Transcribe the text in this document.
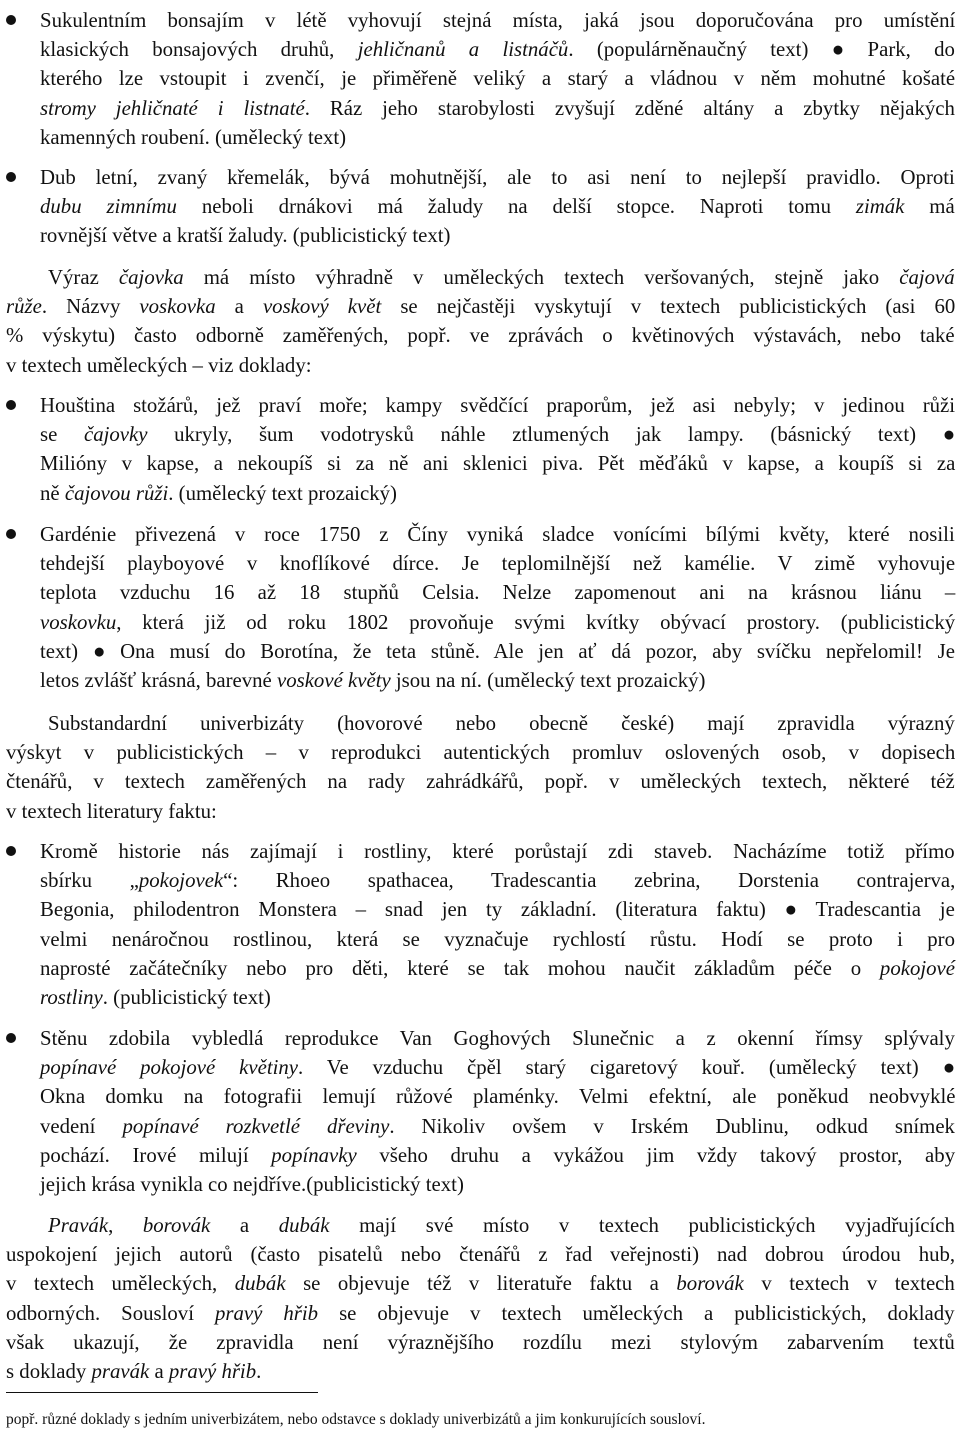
Sukulentním bonsajím v létě vyhovují stejná místa, jaká jsou doporučována pro umístění
klasických bonsajových druhů, jehličnanů a listnáčů. (populárněnaučný text) ● Park, do
kterého lze vstoupit i zvenčí, je přiměřeně veliký a starý a vládnou v něm mohutné košaté
stromy jehličnaté i listnaté. Ráz jeho starobylosti zvyšují zděné altány a zbytky nějakých
kamenných roubení. (umělecký text)
Dub letní, zvaný křemelák, bývá mohutnější, ale to asi není to nejlepší pravidlo. Oproti
dubu zimnímu neboli drnákovi má žaludy na delší stopce. Naproti tomu zimák má
rovnější větve a kratší žaludy. (publicistický text)
Výraz čajovka má místo výhradně v uměleckých textech veršovaných, stejně jako čajová
růže. Názvy voskovka a voskový květ se nejčastěji vyskytují v textech publicistických (asi 60
% výskytu) často odborně zaměřených, popř. ve zprávách o květinových výstavách, nebo také
v textech uměleckých – viz doklady:
Houština stožárů, jež praví moře; kampy svědčící praporům, jež asi nebyly; v jedinou růži
se čajovky ukryly, šum vodotrysků náhle ztlumených jak lampy. (básnický text) ●
Milióny v kapse, a nekoupíš si za ně ani sklenici piva. Pět měďáků v kapse, a koupíš si za
ně čajovou růži. (umělecký text prozaický)
Gardénie přivezená v roce 1750 z Číny vyniká sladce vonícími bílými květy, které nosili
tehdejší playboyové v knoflíkové dírce. Je teplomilnější než kamélie. V zimě vyhovuje
teplota vzduchu 16 až 18 stupňů Celsia. Nelze zapomenout ani na krásnou liánu –
voskovku, která již od roku 1802 provoňuje svými kvítky obývací prostory. (publicistický
text) ● Ona musí do Borotína, že teta stůně. Ale jen ať dá pozor, aby svíčku nepřelomil! Je
letos zvlášť krásná, barevné voskové květy jsou na ní. (umělecký text prozaický)
Substandardní univerbizáty (hovorové nebo obecně české) mají zpravidla výrazný
výskyt v publicistických – v reprodukci autentických promluv oslovených osob, v dopisech
čtenářů, v textech zaměřených na rady zahrádkářů, popř. v uměleckých textech, některé též
v textech literatury faktu:
Kromě historie nás zajímají i rostliny, které porůstají zdi staveb. Nacházíme totiž přímo
sbírku „pokojovek“: Rhoeo spathacea, Tradescantia zebrina, Dorstenia contrajerva,
Begonia, philodentron Monstera – snad jen ty základní. (literatura faktu) ● Tradescantia je
velmi nenáročnou rostlinou, která se vyznačuje rychlostí růstu. Hodí se proto i pro
naprosté začátečníky nebo pro děti, které se tak mohou naučit základům péče o pokojové
rostliny. (publicistický text)
Stěnu zdobila vybledlá reprodukce Van Goghových Slunečnic a z okenní římsy splývaly
popínavé pokojové květiny. Ve vzduchu čpěl starý cigaretový kouř. (umělecký text) ●
Okna domku na fotografii lemují růžové plaménky. Velmi efektní, ale poněkud neobvyklé
vedení popínavé rozkvetlé dřeviny. Nikoliv ovšem v Irském Dublinu, odkud snímek
pochází. Irové milují popínavky všeho druhu a vykážou jim vždy takový prostor, aby
jejich krása vynikla co nejdříve.(publicistický text)
Pravák, borovák a dubák mají své místo v textech publicistických vyjadřujících
uspokojení jejich autorů (často pisatelů nebo čtenářů z řad veřejnosti) nad dobrou úrodou hub,
v textech uměleckých, dubák se objevuje též v literatuře faktu a borovák v textech v textech
odborných. Sousloví pravý hřib se objevuje v textech uměleckých a publicistických, doklady
však ukazují, že zpravidla není výraznějšího rozdílu mezi stylovým zabarvením textů
s doklady pravák a pravý hřib.
popř. různé doklady s jedním univerbizátem, nebo odstavce s doklady univerbizátů a jim konkurujících sousloví.
